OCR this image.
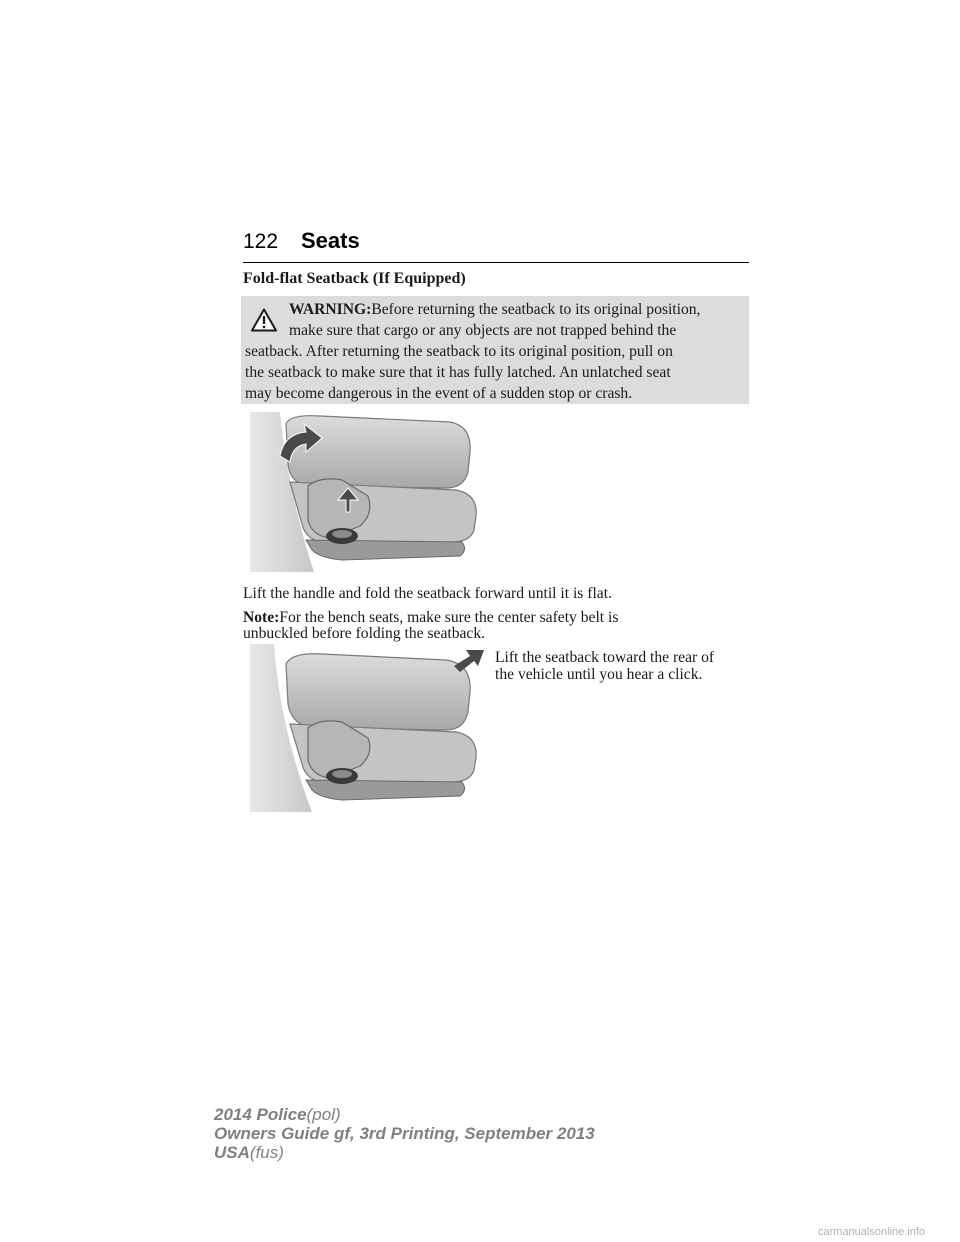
122 Seats
Fold-flat Seatback (If Equipped)
WARNING:Before returning the seatback to its original position,
make sure that cargo or any objects are not trapped behind the
seatback. After returning the seatback to its original position, pull on
the seatback to make sure that it has fully latched. An unlatched seat
may become dangerous in the event of a sudden stop or crash.
Lift the handle and fold the seatback forward until it is flat.
Note:For the bench seats, make sure the center safety belt is
unbuckled before folding the seatback.
Lift the seatback toward the rear of
the vehicle until you hear a click.
2014 Police(pol)
Owners Guide gf, 3rd Printing, September 2013
USA(fus)
carmanualsonline.info
